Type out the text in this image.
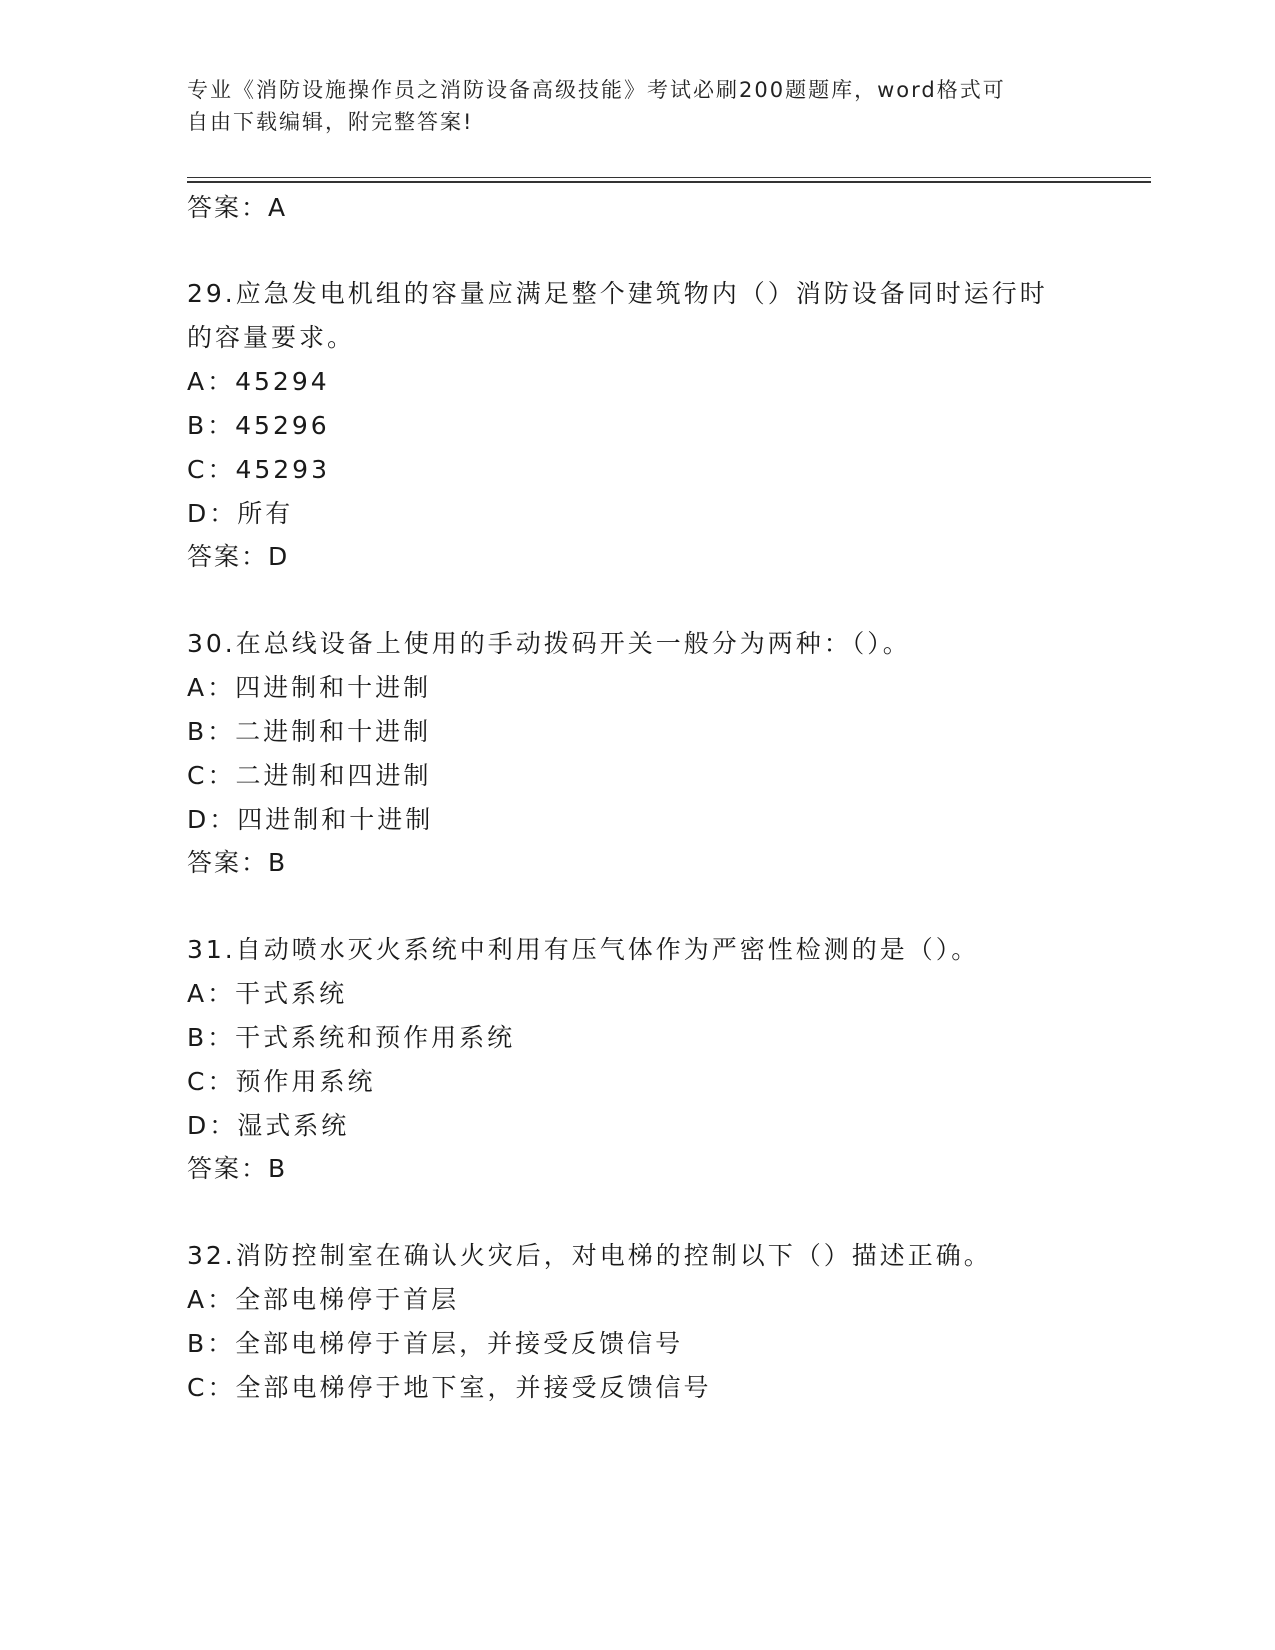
专业《消防设施操作员之消防设备高级技能》考试必刷200题题库，word格式可
自由下载编辑，附完整答案!
答案：A
29.应急发电机组的容量应满足整个建筑物内（）消防设备同时运行时
的容量要求。
A：45294
B：45296
C：45293
D：所有
答案：D
30.在总线设备上使用的手动拨码开关一般分为两种：（）。
A：四进制和十进制
B：二进制和十进制
C：二进制和四进制
D：四进制和十进制
答案：B
31.自动喷水灭火系统中利用有压气体作为严密性检测的是（）。
A：干式系统
B：干式系统和预作用系统
C：预作用系统
D：湿式系统
答案：B
32.消防控制室在确认火灾后，对电梯的控制以下（）描述正确。
A：全部电梯停于首层
B：全部电梯停于首层，并接受反馈信号
C：全部电梯停于地下室，并接受反馈信号
